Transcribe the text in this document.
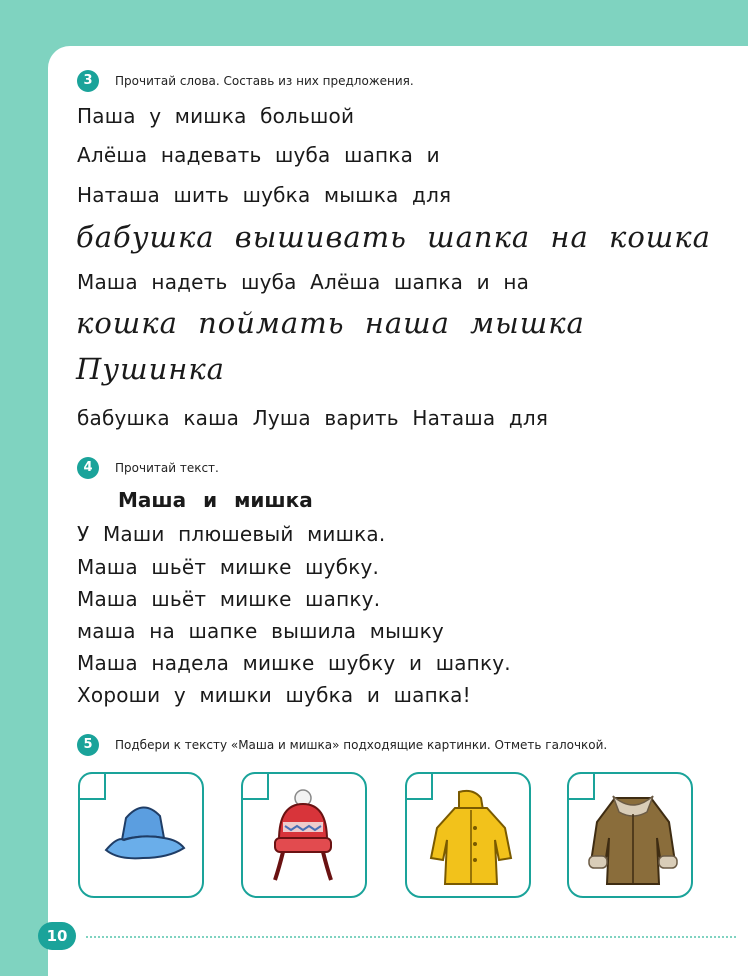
3	Прочитай слова. Составь из них предложения.
Паша у мишка большой
Алёша надевать шуба шапка и
Наташа шить шубка мышка для
бабушка вышивать шапка на кошка
Маша надеть шуба Алёша шапка и на
кошка поймать наша мышка
Пушинка
бабушка каша Луша варить Наташа для
4	Прочитай текст.
Маша и мишка
У Маши плюшевый мишка.
Маша шьёт мишке шубку.
Маша шьёт мишке шапку.
маша на шапке вышила мышку
Маша надела мишке шубку и шапку.
Хороши у мишки шубка и шапка!
5	Подбери к тексту «Маша и мишка» подходящие картинки. Отметь галочкой.
10
